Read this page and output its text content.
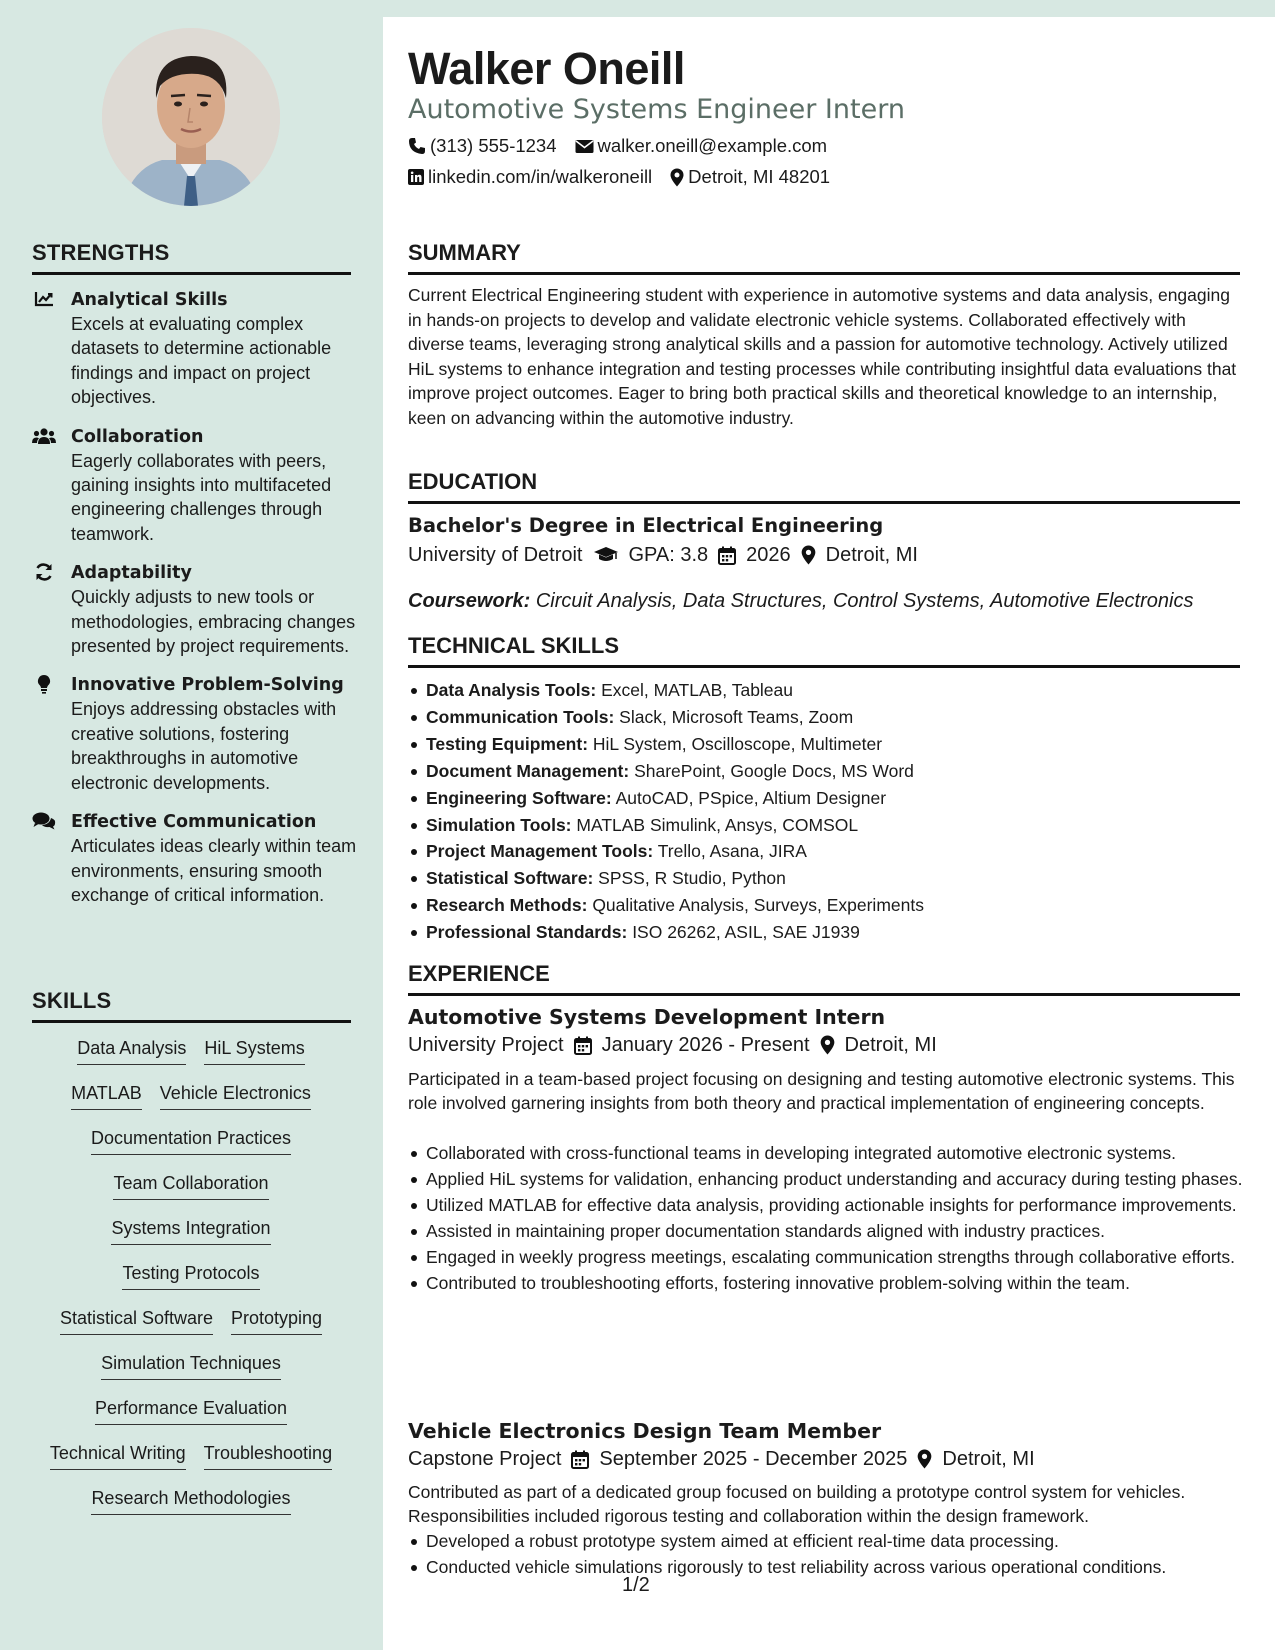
STRENGTHS
Analytical Skills
Excels at evaluating complex datasets to determine actionable findings and impact on project objectives.
Collaboration
Eagerly collaborates with peers, gaining insights into multifaceted engineering challenges through teamwork.
Adaptability
Quickly adjusts to new tools or methodologies, embracing changes presented by project requirements.
Innovative Problem-Solving
Enjoys addressing obstacles with creative solutions, fostering breakthroughs in automotive electronic developments.
Effective Communication
Articulates ideas clearly within team environments, ensuring smooth exchange of critical information.
SKILLS
Data Analysis HiL Systems
MATLAB Vehicle Electronics
Documentation Practices
Team Collaboration
Systems Integration
Testing Protocols
Statistical Software Prototyping
Simulation Techniques
Performance Evaluation
Technical Writing Troubleshooting
Research Methodologies
Walker Oneill
Automotive Systems Engineer Intern
(313) 555-1234 walker.oneill@example.com
linkedin.com/in/walkeroneill Detroit, MI 48201
SUMMARY
Current Electrical Engineering student with experience in automotive systems and data analysis, engaging in hands-on projects to develop and validate electronic vehicle systems. Collaborated effectively with diverse teams, leveraging strong analytical skills and a passion for automotive technology. Actively utilized HiL systems to enhance integration and testing processes while contributing insightful data evaluations that improve project outcomes. Eager to bring both practical skills and theoretical knowledge to an internship, keen on advancing within the automotive industry.
EDUCATION
Bachelor's Degree in Electrical Engineering
University of Detroit GPA: 3.8 2026 Detroit, MI
Coursework: Circuit Analysis, Data Structures, Control Systems, Automotive Electronics
TECHNICAL SKILLS
Data Analysis Tools: Excel, MATLAB, Tableau
Communication Tools: Slack, Microsoft Teams, Zoom
Testing Equipment: HiL System, Oscilloscope, Multimeter
Document Management: SharePoint, Google Docs, MS Word
Engineering Software: AutoCAD, PSpice, Altium Designer
Simulation Tools: MATLAB Simulink, Ansys, COMSOL
Project Management Tools: Trello, Asana, JIRA
Statistical Software: SPSS, R Studio, Python
Research Methods: Qualitative Analysis, Surveys, Experiments
Professional Standards: ISO 26262, ASIL, SAE J1939
EXPERIENCE
Automotive Systems Development Intern
University Project January 2026 - Present Detroit, MI
Participated in a team-based project focusing on designing and testing automotive electronic systems. This role involved garnering insights from both theory and practical implementation of engineering concepts.
Collaborated with cross-functional teams in developing integrated automotive electronic systems.
Applied HiL systems for validation, enhancing product understanding and accuracy during testing phases.
Utilized MATLAB for effective data analysis, providing actionable insights for performance improvements.
Assisted in maintaining proper documentation standards aligned with industry practices.
Engaged in weekly progress meetings, escalating communication strengths through collaborative efforts.
Contributed to troubleshooting efforts, fostering innovative problem-solving within the team.
Vehicle Electronics Design Team Member
Capstone Project September 2025 - December 2025 Detroit, MI
Contributed as part of a dedicated group focused on building a prototype control system for vehicles. Responsibilities included rigorous testing and collaboration within the design framework.
Developed a robust prototype system aimed at efficient real-time data processing.
Conducted vehicle simulations rigorously to test reliability across various operational conditions.
1/2
